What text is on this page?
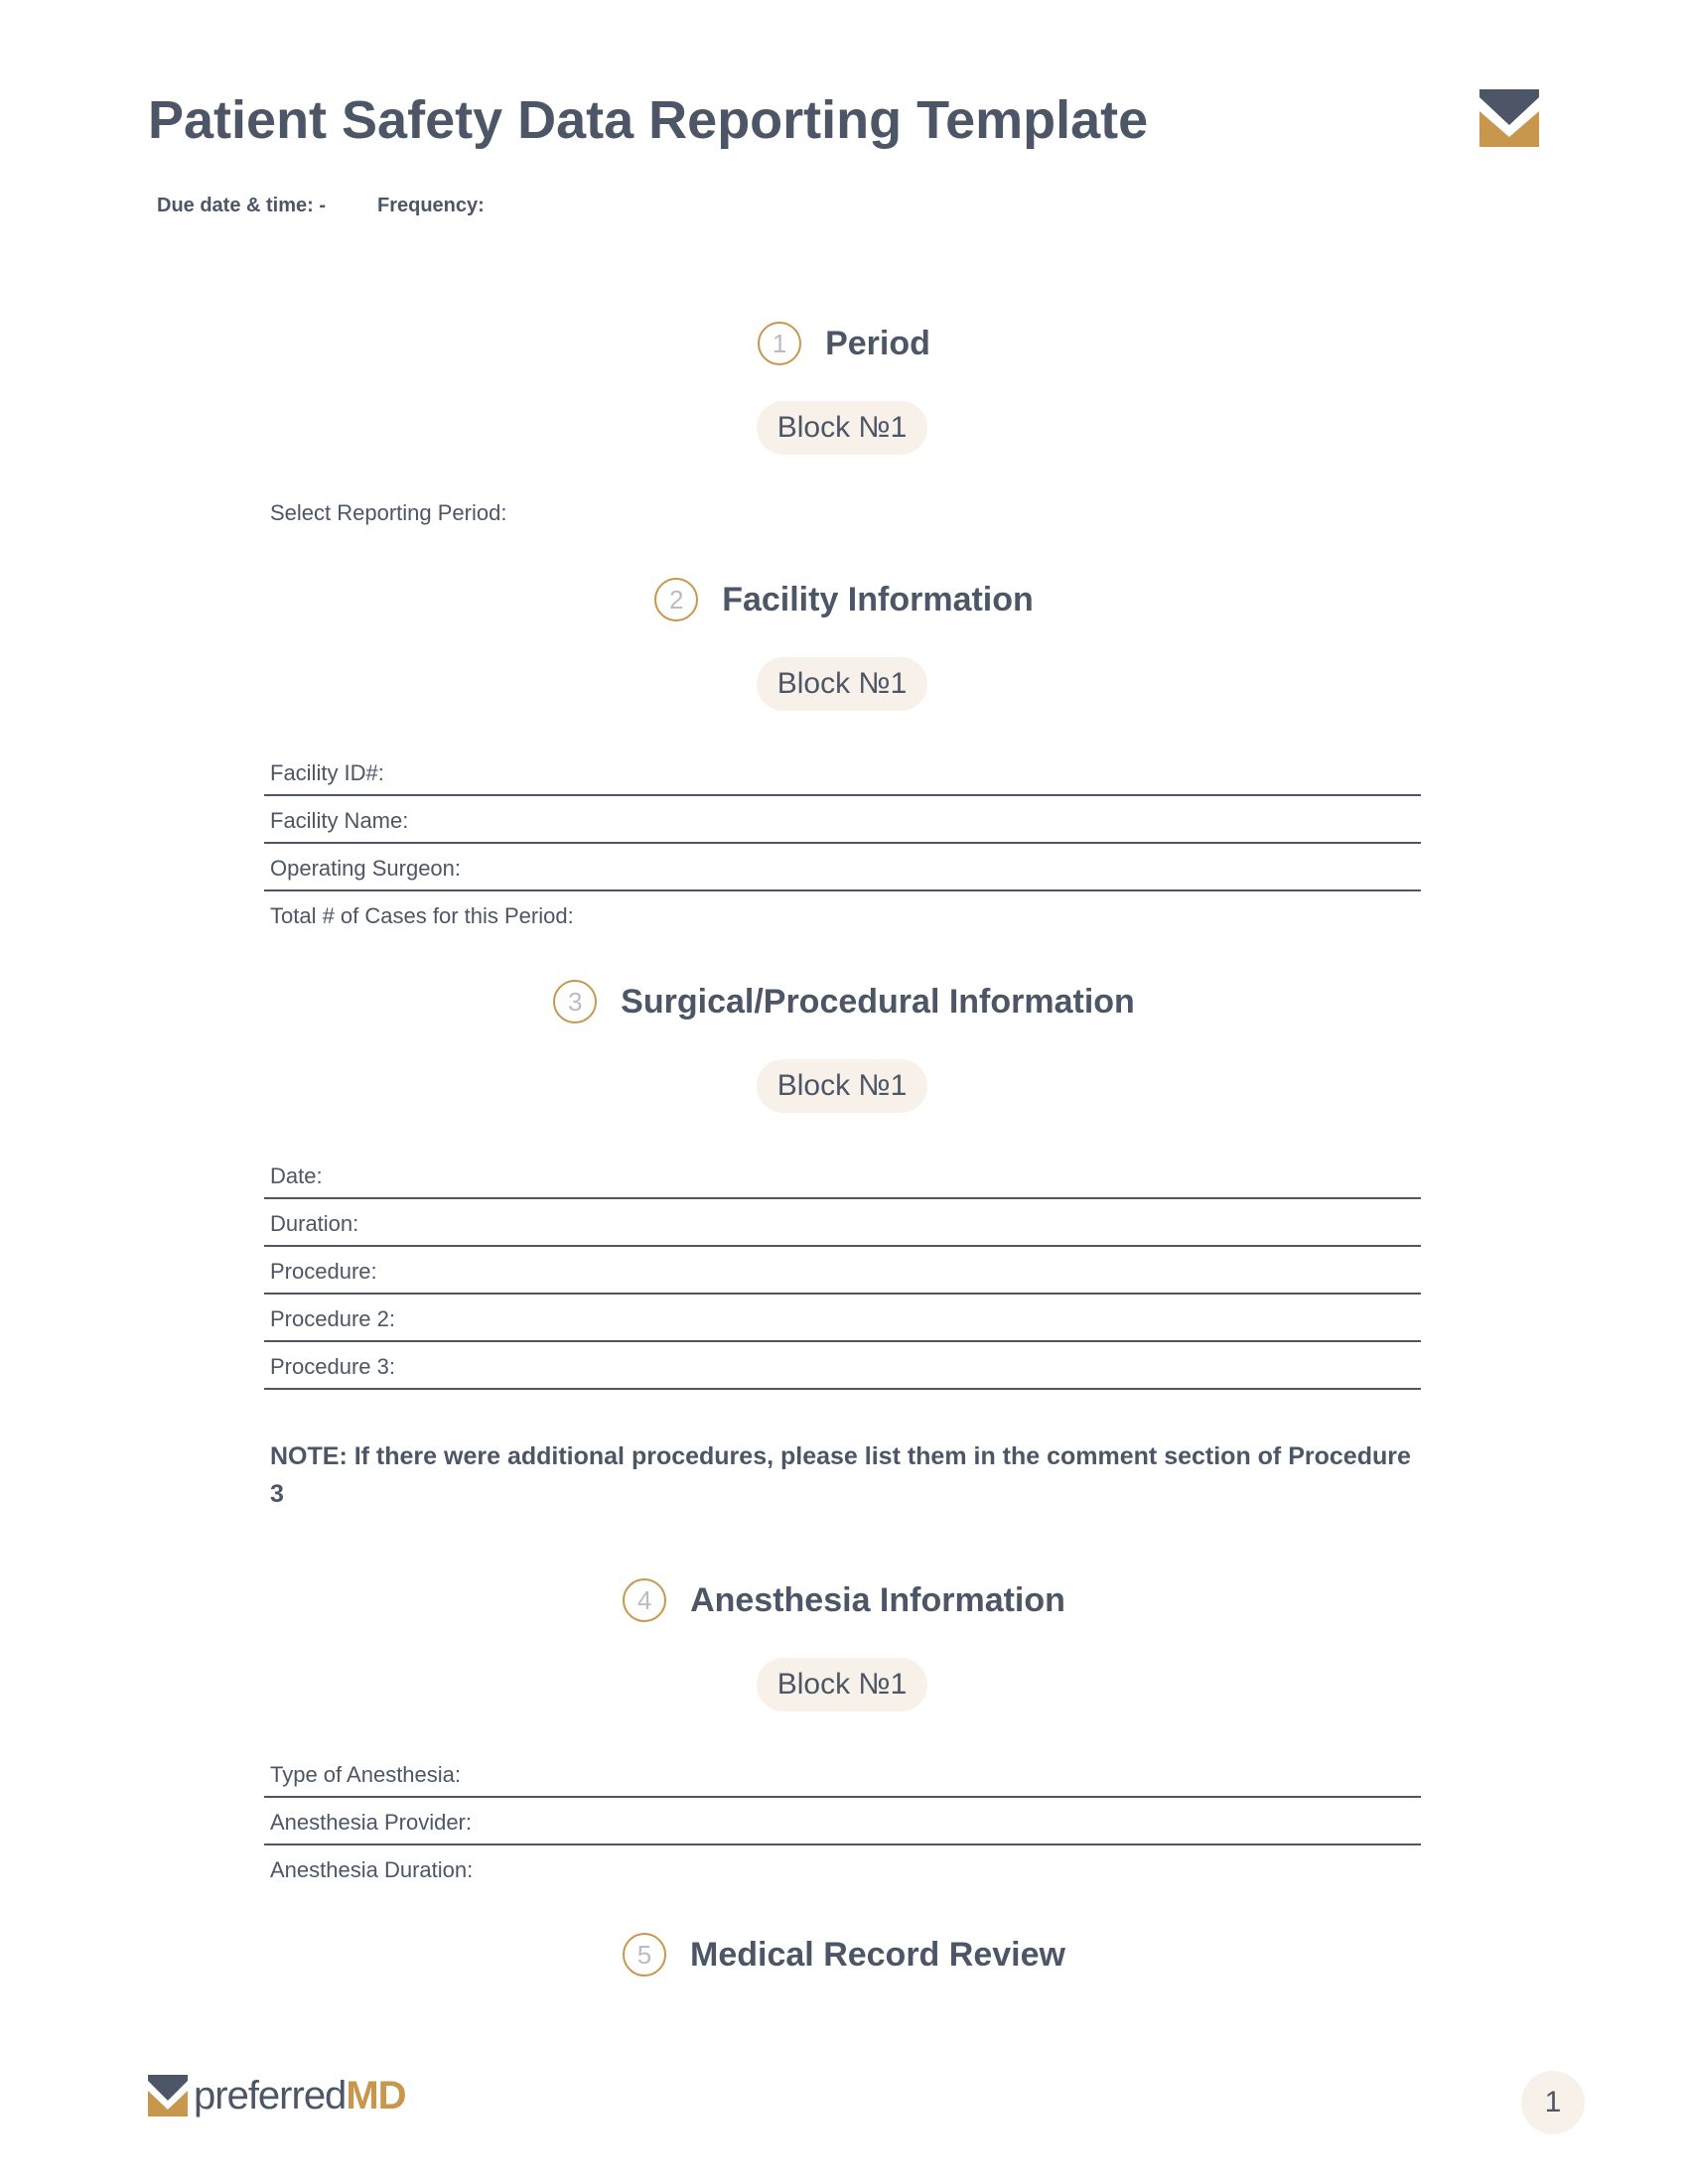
Patient Safety Data Reporting Template
Due date & time: -	Frequency:
1	Period
Block №1
Select Reporting Period:
2	Facility Information
Block №1
Facility ID#:
Facility Name:
Operating Surgeon:
Total # of Cases for this Period:
3	Surgical/Procedural Information
Block №1
Date:
Duration:
Procedure:
Procedure 2:
Procedure 3:
NOTE: If there were additional procedures, please list them in the comment section of Procedure 3
4	Anesthesia Information
Block №1
Type of Anesthesia:
Anesthesia Provider:
Anesthesia Duration:
5	Medical Record Review
preferredMD	1
